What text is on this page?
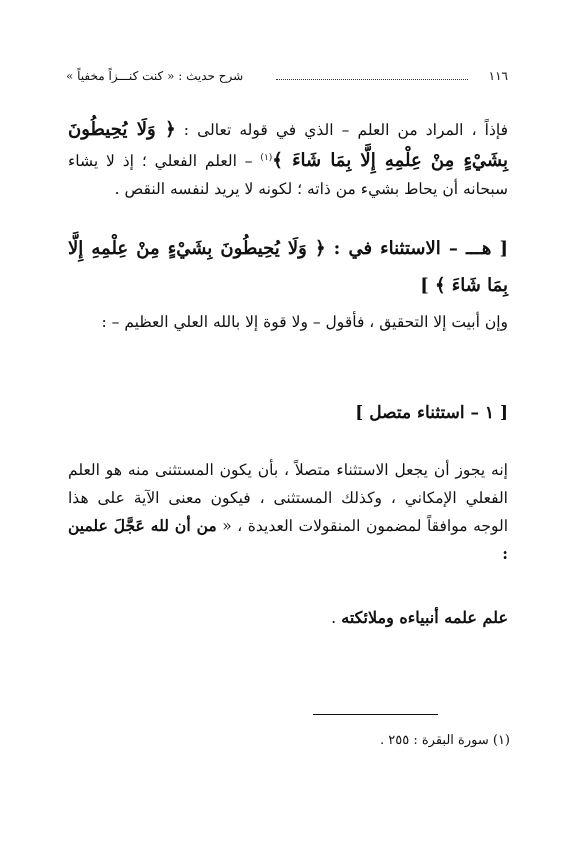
١١٦
شرح حديث : « كنت كنـــزاً مخفياً »
فإذاً ، المراد من العلم – الذي في قوله تعالى : ﴿ وَلَا يُحِيطُونَ بِشَيْءٍ مِنْ عِلْمِهِ إِلَّا بِمَا شَاءَ ﴾$^{(١)}$ – العلم الفعلي ؛ إذ لا يشاء سبحانه أن يحاط بشيء من ذاته ؛ لكونه لا يريد لنفسه النقص .
[ هـــ – الاستثناء في : ﴿ وَلَا يُحِيطُونَ بِشَيْءٍ مِنْ عِلْمِهِ إِلَّا بِمَا شَاءَ ﴾ ]
وإن أبيت إلا التحقيق ، فأقول – ولا قوة إلا بالله العلي العظيم – :
[ ١ – استثناء متصل ]
إنه يجوز أن يجعل الاستثناء متصلاً ، بأن يكون المستثنى منه هو العلم الفعلي الإمكاني ، وكذلك المستثنى ، فيكون معنى الآية على هذا الوجه موافقاً لمضمون المنقولات العديدة ، « من أن لله عَجَّلَ علمين :
علم علمه أنبياءه وملائكته .
(١) سورة البقرة : ٢٥٥ .
